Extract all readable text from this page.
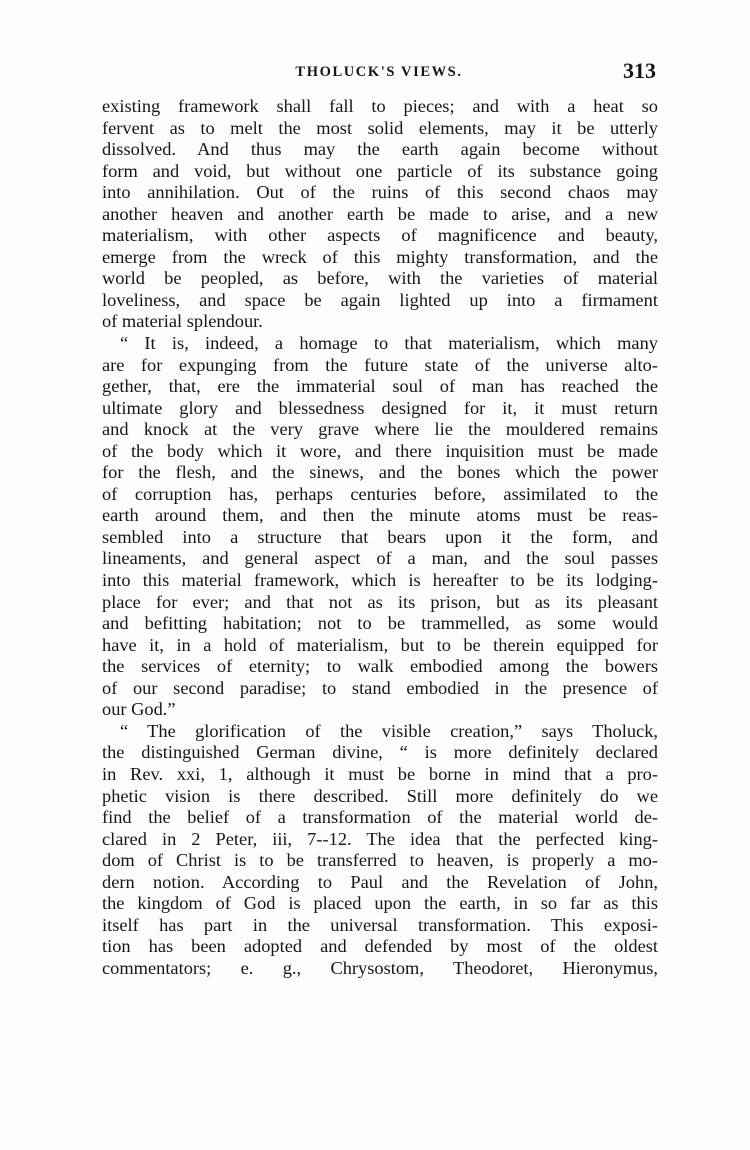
THOLUCK'S VIEWS.	313
existing framework shall fall to pieces; and with a heat so
fervent as to melt the most solid elements, may it be utterly
dissolved. And thus may the earth again become without
form and void, but without one particle of its substance going
into annihilation. Out of the ruins of this second chaos may
another heaven and another earth be made to arise, and a new
materialism, with other aspects of magnificence and beauty,
emerge from the wreck of this mighty transformation, and the
world be peopled, as before, with the varieties of material
loveliness, and space be again lighted up into a firmament
of material splendour.
“ It is, indeed, a homage to that materialism, which many
are for expunging from the future state of the universe alto-
gether, that, ere the immaterial soul of man has reached the
ultimate glory and blessedness designed for it, it must return
and knock at the very grave where lie the mouldered remains
of the body which it wore, and there inquisition must be made
for the flesh, and the sinews, and the bones which the power
of corruption has, perhaps centuries before, assimilated to the
earth around them, and then the minute atoms must be reas-
sembled into a structure that bears upon it the form, and
lineaments, and general aspect of a man, and the soul passes
into this material framework, which is hereafter to be its lodging-
place for ever; and that not as its prison, but as its pleasant
and befitting habitation; not to be trammelled, as some would
have it, in a hold of materialism, but to be therein equipped for
the services of eternity; to walk embodied among the bowers
of our second paradise; to stand embodied in the presence of
our God.”
“ The glorification of the visible creation,” says Tholuck,
the distinguished German divine, “ is more definitely declared
in Rev. xxi, 1, although it must be borne in mind that a pro-
phetic vision is there described. Still more definitely do we
find the belief of a transformation of the material world de-
clared in 2 Peter, iii, 7--12. The idea that the perfected king-
dom of Christ is to be transferred to heaven, is properly a mo-
dern notion. According to Paul and the Revelation of John,
the kingdom of God is placed upon the earth, in so far as this
itself has part in the universal transformation. This exposi-
tion has been adopted and defended by most of the oldest
commentators; e. g., Chrysostom, Theodoret, Hieronymus,
